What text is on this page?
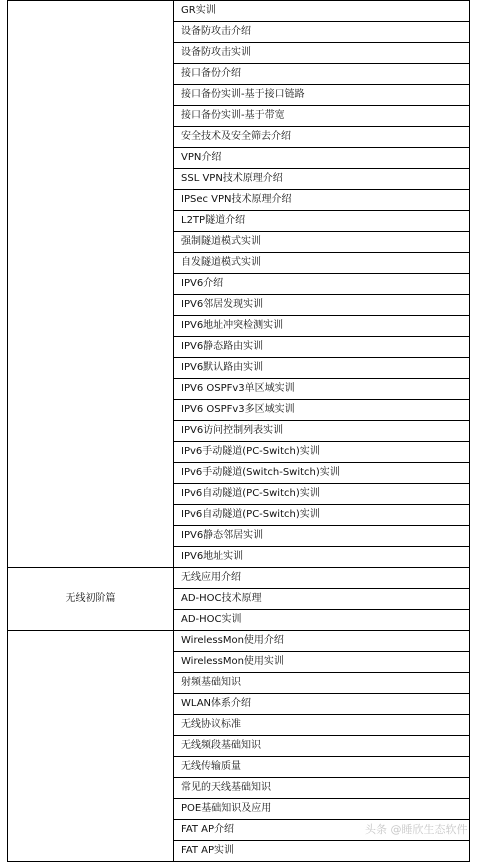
	GR实训
	设备防攻击介绍
	设备防攻击实训
	接口备份介绍
	接口备份实训-基于接口链路
	接口备份实训-基于带宽
	安全技术及安全筛去介绍
	VPN介绍
	SSL VPN技术原理介绍
	IPSec VPN技术原理介绍
	L2TP隧道介绍
	强制隧道模式实训
	自发隧道模式实训
	IPV6介绍
	IPV6邻居发现实训
	IPV6地址冲突检测实训
	IPV6静态路由实训
	IPV6默认路由实训
	IPV6 OSPFv3单区域实训
	IPV6 OSPFv3多区域实训
	IPV6访问控制列表实训
	IPv6手动隧道(PC-Switch)实训
	IPv6手动隧道(Switch-Switch)实训
	IPv6自动隧道(PC-Switch)实训
	IPv6自动隧道(PC-Switch)实训
	IPV6静态邻居实训
	IPV6地址实训
无线初阶篇	无线应用介绍
	AD-HOC技术原理
	AD-HOC实训
	WirelessMon使用介绍
	WirelessMon使用实训
	射频基础知识
	WLAN体系介绍
	无线协议标准
	无线频段基础知识
	无线传输质量
	常见的天线基础知识
	POE基础知识及应用
	FAT AP介绍
	FAT AP实训
头条 @睡欣生态软件
